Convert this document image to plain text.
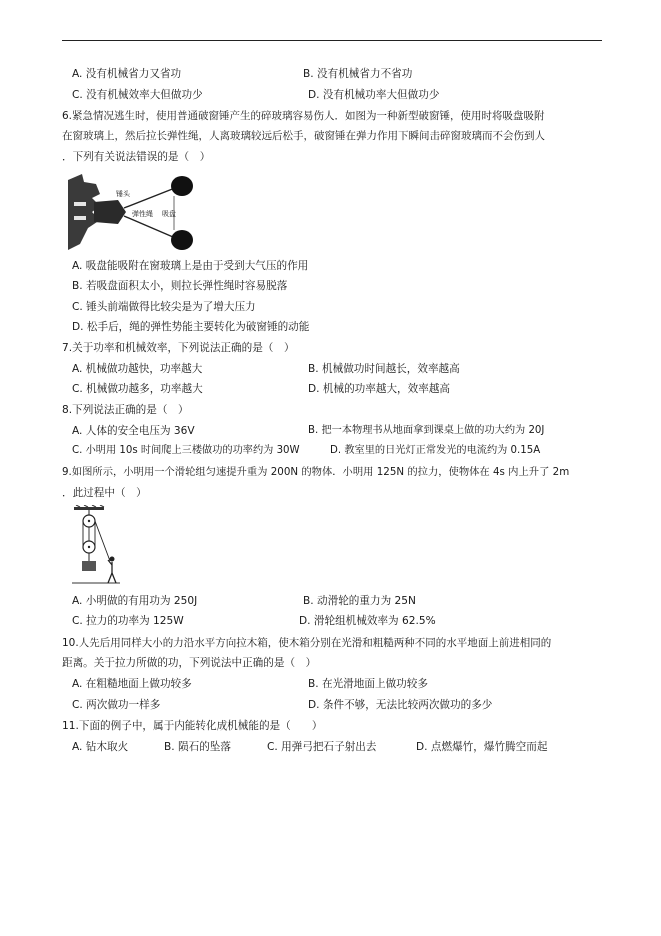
A. 没有机械省力又省功	B. 没有机械省力不省功
C. 没有机械效率大但做功少	D. 没有机械功率大但做功少
6.紧急情况逃生时，使用普通破窗锤产生的碎玻璃容易伤人．如图为一种新型破窗锤，使用时将吸盘吸附
在窗玻璃上，然后拉长弹性绳，人离玻璃较远后松手，破窗锤在弹力作用下瞬间击碎窗玻璃而不会伤到人
．下列有关说法错误的是（　）
锤头
弹性绳 吸盘
A. 吸盘能吸附在窗玻璃上是由于受到大气压的作用
B. 若吸盘面积太小，则拉长弹性绳时容易脱落
C. 锤头前端做得比较尖是为了增大压力
D. 松手后，绳的弹性势能主要转化为破窗锤的动能
7.关于功率和机械效率，下列说法正确的是（　）
A. 机械做功越快，功率越大	B. 机械做功时间越长，效率越高
C. 机械做功越多，功率越大	D. 机械的功率越大，效率越高
8.下列说法正确的是（　）
A. 人体的安全电压为 36V	B. 把一本物理书从地面拿到课桌上做的功大约为 20J
C. 小明用 10s 时间爬上三楼做功的功率约为 30W	D. 教室里的日光灯正常发光的电流约为 0.15A
9.如图所示，小明用一个滑轮组匀速提升重为 200N 的物体．小明用 125N 的拉力，使物体在 4s 内上升了 2m
．此过程中（　）
A. 小明做的有用功为 250J	B. 动滑轮的重力为 25N
C. 拉力的功率为 125W	D. 滑轮组机械效率为 62.5%
10.人先后用同样大小的力沿水平方向拉木箱，使木箱分别在光滑和粗糙两种不同的水平地面上前进相同的
距离。关于拉力所做的功，下列说法中正确的是（　）
A. 在粗糙地面上做功较多	B. 在光滑地面上做功较多
C. 两次做功一样多	D. 条件不够，无法比较两次做功的多少
11.下面的例子中，属于内能转化成机械能的是（　　）
A. 钻木取火	B. 陨石的坠落	C. 用弹弓把石子射出去	D. 点燃爆竹，爆竹腾空而起
